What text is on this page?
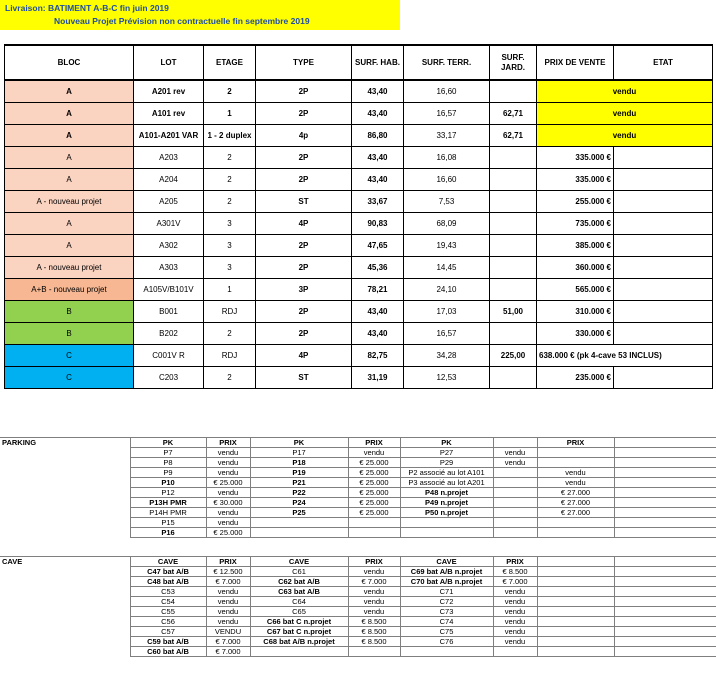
Livraison: BATIMENT A-B-C fin juin 2019
Nouveau Projet Prévision non contractuelle fin septembre 2019
BLOC	LOT	ETAGE	TYPE	SURF. HAB.	SURF. TERR.	SURF. JARD.	PRIX DE VENTE	ETAT
A	A201 rev	2	2P	43,40	16,60		vendu	
A	A101 rev	1	2P	43,40	16,57	62,71	vendu	
A	A101-A201 VAR	1 - 2 duplex	4p	86,80	33,17	62,71	vendu	
A	A203	2	2P	43,40	16,08		335.000 €	
A	A204	2	2P	43,40	16,60		335.000 €	
A - nouveau projet	A205	2	ST	33,67	7,53		255.000 €	
A	A301V	3	4P	90,83	68,09		735.000 €	
A	A302	3	2P	47,65	19,43		385.000 €	
A - nouveau projet	A303	3	2P	45,36	14,45		360.000 €	
A+B - nouveau projet	A105V/B101V	1	3P	78,21	24,10		565.000 €	
B	B001	RDJ	2P	43,40	17,03	51,00	310.000 €	
B	B202	2	2P	43,40	16,57		330.000 €	
C	C001V R	RDJ	4P	82,75	34,28	225,00	638.000 € (pk 4-cave 53 INCLUS)	
C	C203	2	ST	31,19	12,53		235.000 €	
PARKING	PK	PRIX	PK	PRIX	PK		PRIX	
	P7	vendu	P17	vendu	P27	vendu		
	P8	vendu	P18	€ 25.000	P29	vendu		
	P9	vendu	P19	€ 25.000	P2 associé au lot A101		vendu	
	P10	€ 25.000	P21	€ 25.000	P3 associé au lot A201		vendu	
	P12	vendu	P22	€ 25.000	P48 n.projet		€ 27.000	
	P13H PMR	€ 30.000	P24	€ 25.000	P49 n.projet		€ 27.000	
	P14H PMR	vendu	P25	€ 25.000	P50 n.projet		€ 27.000	
	P15	vendu						
	P16	€ 25.000						
CAVE	CAVE	PRIX	CAVE	PRIX	CAVE	PRIX		
	C47 bat A/B	€ 12.500	C61	vendu	C69 bat A/B n.projet	€ 8.500		
	C48 bat A/B	€ 7.000	C62 bat A/B	€ 7.000	C70 bat A/B n.projet	€ 7.000		
	C53	vendu	C63 bat A/B	vendu	C71	vendu		
	C54	vendu	C64	vendu	C72	vendu		
	C55	vendu	C65	vendu	C73	vendu		
	C56	vendu	C66 bat C n.projet	€ 8.500	C74	vendu		
	C57	VENDU	C67 bat C n.projet	€ 8.500	C75	vendu		
	C59 bat A/B	€ 7.000	C68 bat A/B n.projet	€ 8.500	C76	vendu		
	C60 bat A/B	€ 7.000						
